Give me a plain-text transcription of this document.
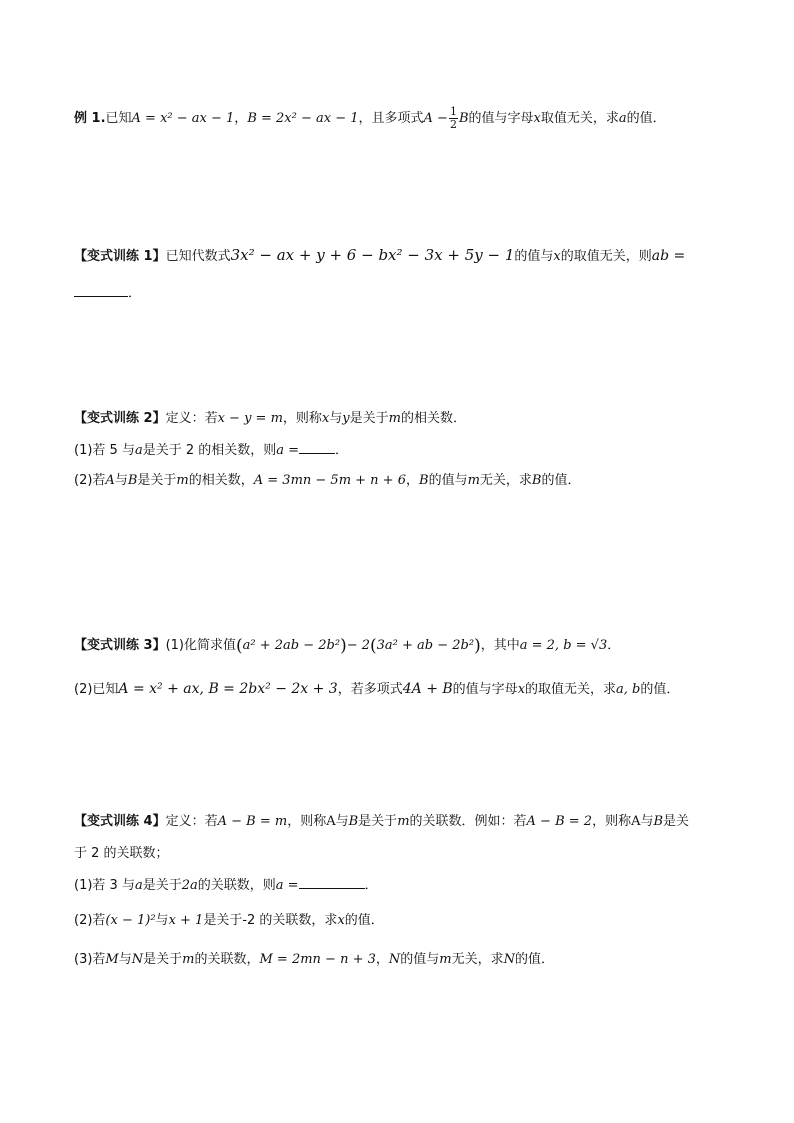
例 1.已知A = x² − ax − 1，B = 2x² − ax − 1，且多项式$A - \frac{1}{2}$ B的值与字母x取值无关，求a的值．
【变式训练 1】已知代数式3x² − ax + y + 6 − bx² − 3x + 5y − 1的值与x的取值无关，则ab =
．
【变式训练 2】定义：若x − y = m，则称x与y是关于m的相关数．
(1)若 5 与a是关于 2 的相关数，则a =	．
(2)若A与B是关于m的相关数，A = 3mn − 5m + n + 6，B的值与m无关，求B的值．
【变式训练 3】(1)化简求值(a² + 2ab − 2b²)− 2(3a² + ab − 2b²)，其中a = 2, b = √3．
(2)已知A = x² + ax, B = 2bx² − 2x + 3，若多项式4A + B的值与字母x的取值无关，求a, b的值．
【变式训练 4】定义：若A − B = m，则称A与B是关于m的关联数．例如：若A − B = 2，则称A与B是关
于 2 的关联数；
(1)若 3 与a是关于2a的关联数，则a =	．
(2)若(x − 1)²与x + 1是关于-2 的关联数，求x的值．
(3)若M与N是关于m的关联数，M = 2mn − n + 3，N的值与m无关，求N的值．
